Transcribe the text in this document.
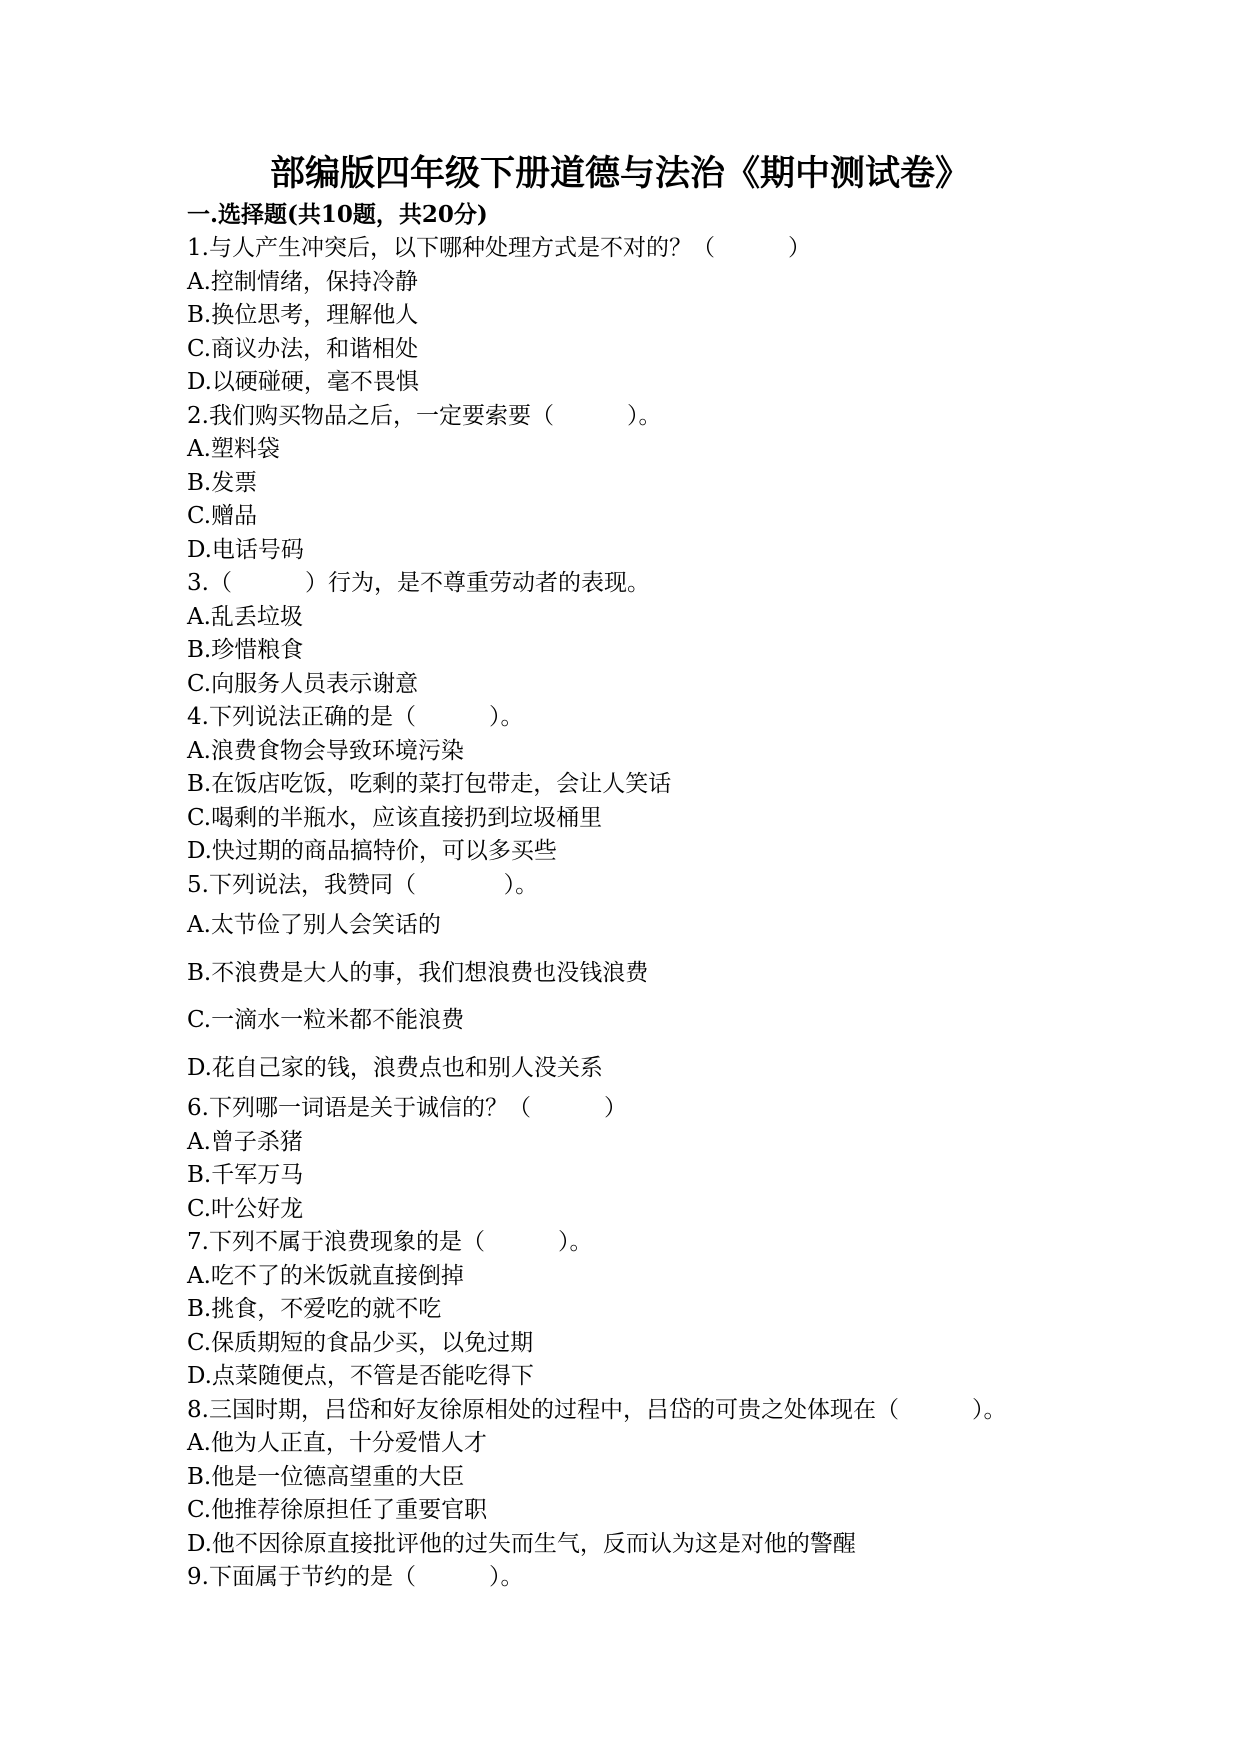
部编版四年级下册道德与法治《期中测试卷》
一.选择题(共10题，共20分)
1.与人产生冲突后，以下哪种处理方式是不对的？（          ）
A.控制情绪，保持冷静
B.换位思考，理解他人
C.商议办法，和谐相处
D.以硬碰硬，毫不畏惧
2.我们购买物品之后，一定要索要（          ）。
A.塑料袋
B.发票
C.赠品
D.电话号码
3.（          ）行为，是不尊重劳动者的表现。
A.乱丢垃圾
B.珍惜粮食
C.向服务人员表示谢意
4.下列说法正确的是（          ）。
A.浪费食物会导致环境污染
B.在饭店吃饭，吃剩的菜打包带走，会让人笑话
C.喝剩的半瓶水，应该直接扔到垃圾桶里
D.快过期的商品搞特价，可以多买些
5.下列说法，我赞同（            ）。
A.太节俭了别人会笑话的
B.不浪费是大人的事，我们想浪费也没钱浪费
C.一滴水一粒米都不能浪费
D.花自己家的钱，浪费点也和别人没关系
6.下列哪一词语是关于诚信的？（          ）
A.曾子杀猪
B.千军万马
C.叶公好龙
7.下列不属于浪费现象的是（          ）。
A.吃不了的米饭就直接倒掉
B.挑食，不爱吃的就不吃
C.保质期短的食品少买，以免过期
D.点菜随便点，不管是否能吃得下
8.三国时期，吕岱和好友徐原相处的过程中，吕岱的可贵之处体现在（          ）。
A.他为人正直，十分爱惜人才
B.他是一位德高望重的大臣
C.他推荐徐原担任了重要官职
D.他不因徐原直接批评他的过失而生气，反而认为这是对他的警醒
9.下面属于节约的是（          ）。
